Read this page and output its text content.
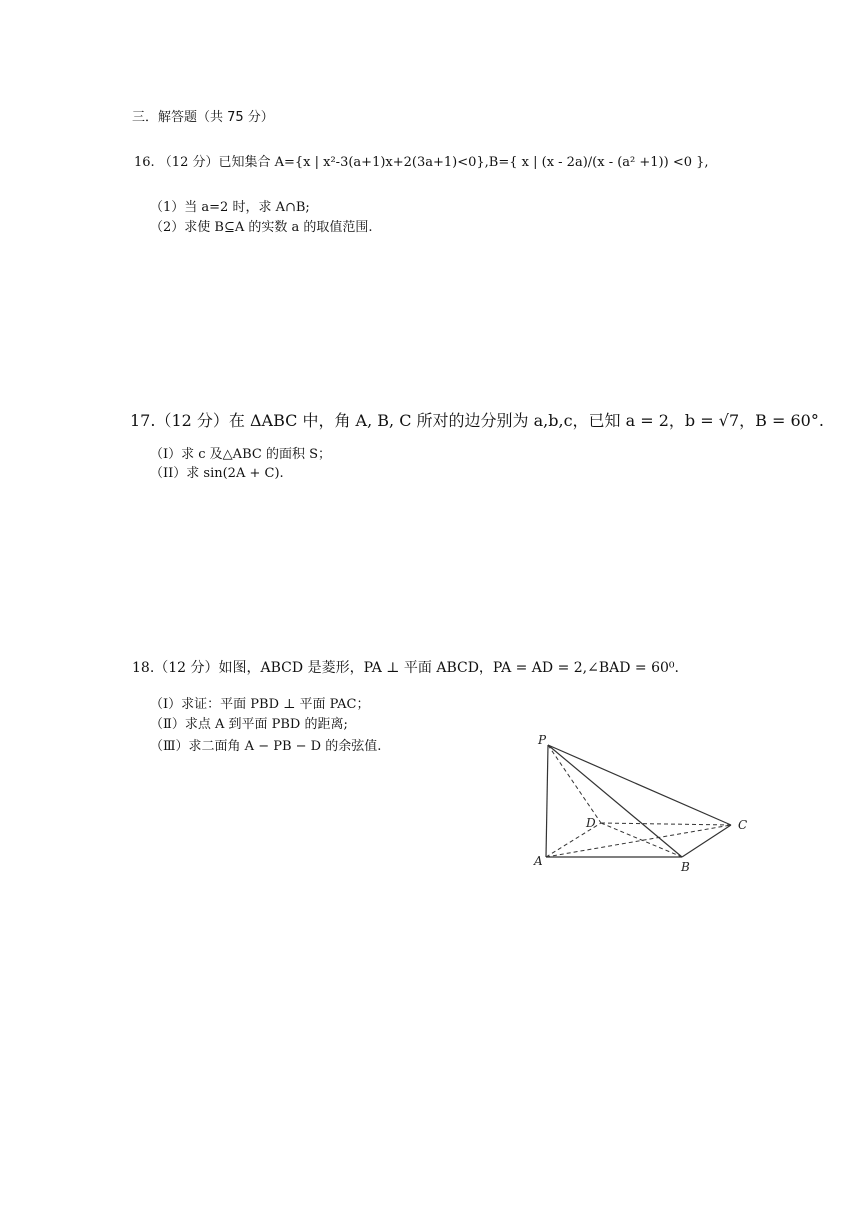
三．解答题（共 75 分）
16. （12 分）已知集合 A={x | x²-3(a+1)x+2(3a+1)<0},B={ x | (x - 2a)/(x - (a² +1)) <0 },
（1）当 a=2 时，求 A∩B;
（2）求使 B⊆A 的实数 a 的取值范围.
17.（12 分）在 ΔABC 中，角 A, B, C 所对的边分别为 a,b,c，已知 a = 2，b = √7，B = 60°.
（I）求 c 及△ABC 的面积 S；
（II）求 sin(2A + C).
18.（12 分）如图，ABCD 是菱形，PA ⊥ 平面 ABCD，PA = AD = 2,∠BAD = 60⁰.
（Ⅰ）求证：平面 PBD ⊥ 平面 PAC；
（Ⅱ）求点 A 到平面 PBD 的距离;
（Ⅲ）求二面角 A − PB − D 的余弦值.	P
A	B
C
D
